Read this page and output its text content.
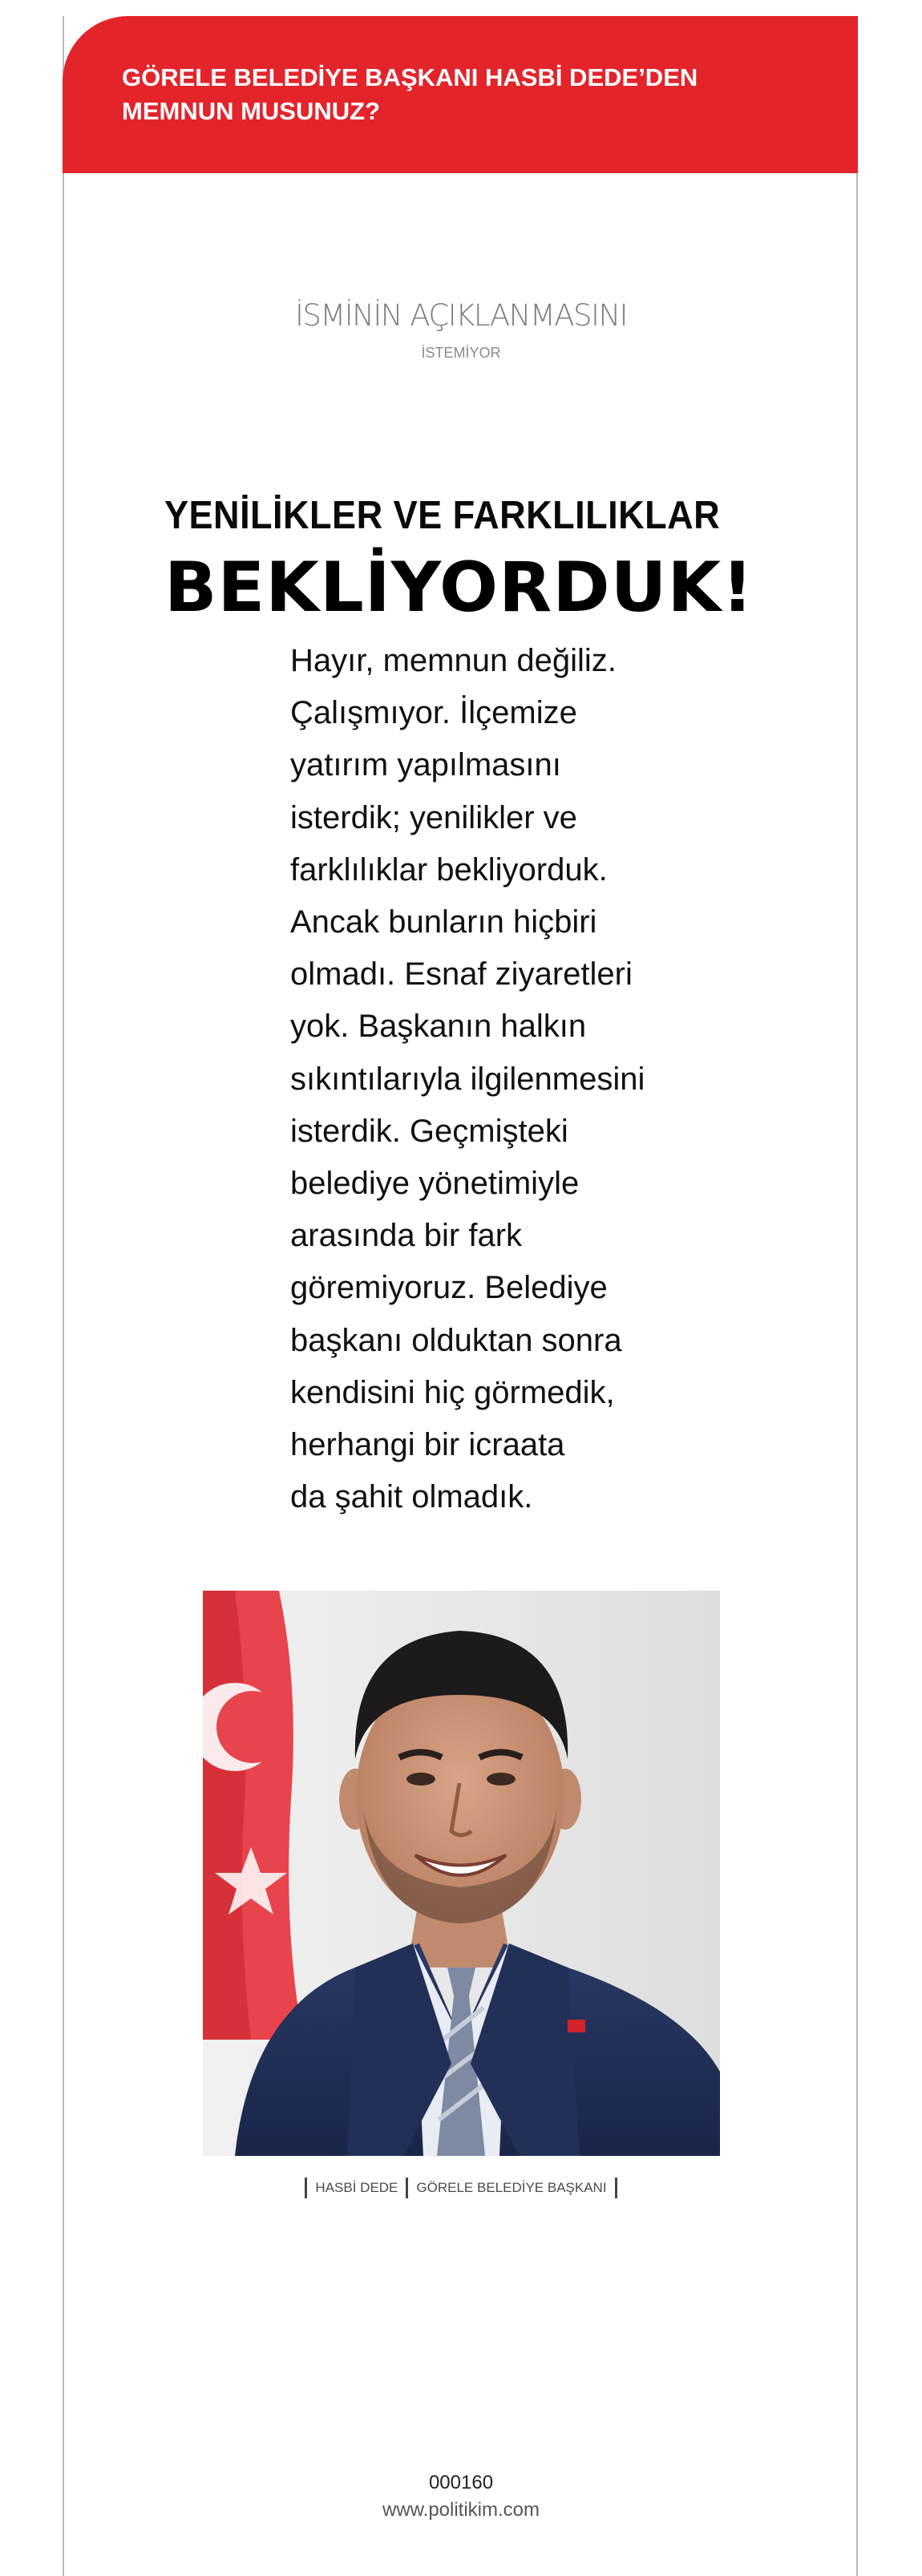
GÖRELE BELEDİYE BAŞKANI HASBİ DEDE’DEN
MEMNUN MUSUNUZ?
İSMİNİN AÇIKLANMASINI
İSTEMİYOR
YENİLİKLER VE FARKLILIKLAR
BEKLİYORDUK!
Hayır, memnun değiliz.
Çalışmıyor. İlçemize
yatırım yapılmasını
isterdik; yenilikler ve
farklılıklar bekliyorduk.
Ancak bunların hiçbiri
olmadı. Esnaf ziyaretleri
yok. Başkanın halkın
sıkıntılarıyla ilgilenmesini
isterdik. Geçmişteki
belediye yönetimiyle
arasında bir fark
göremiyoruz. Belediye
başkanı olduktan sonra
kendisini hiç görmedik,
herhangi bir icraata
da şahit olmadık.
HASBİ DEDE GÖRELE BELEDİYE BAŞKANI
000160
www.politikim.com
